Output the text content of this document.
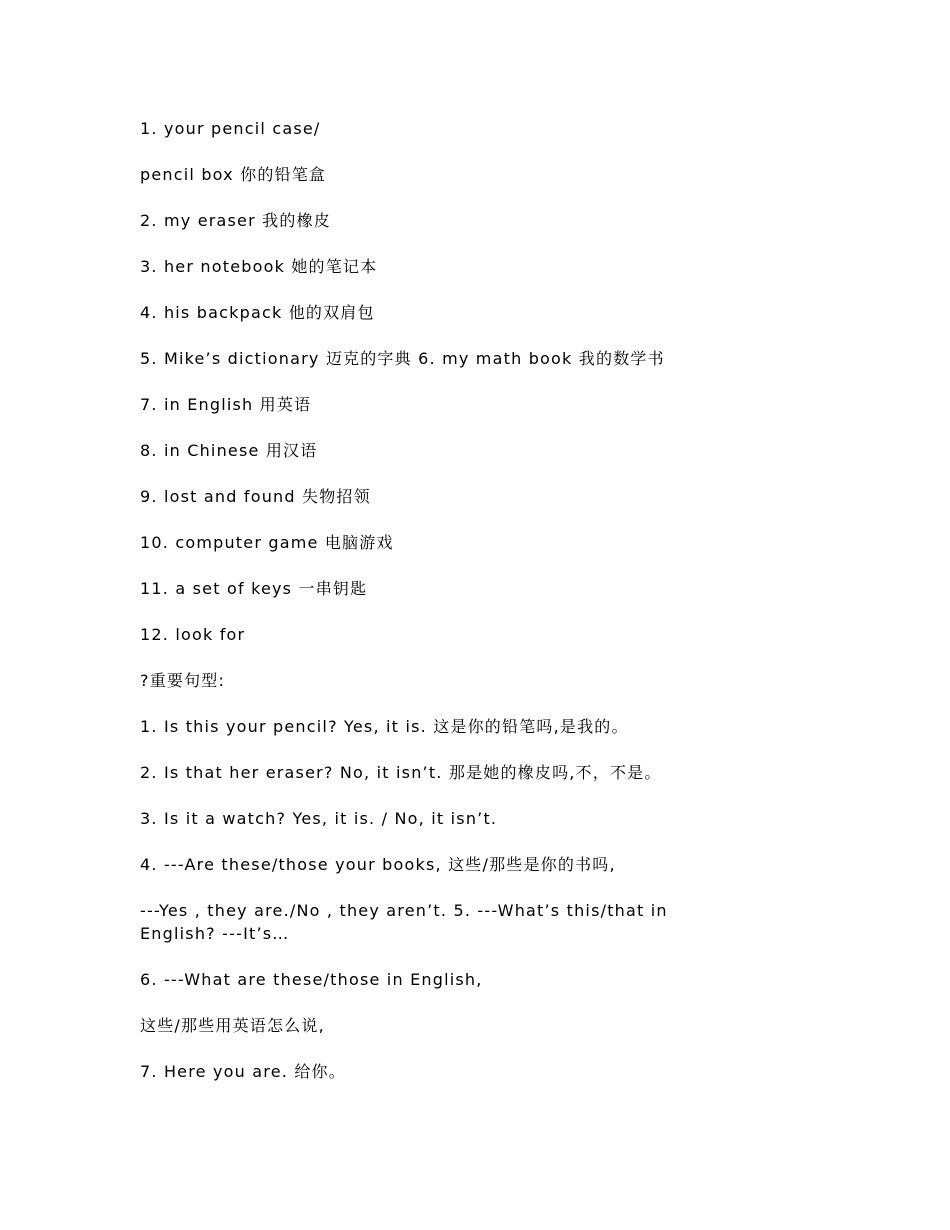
1. your pencil case/

pencil box 你的铅笔盒

2. my eraser 我的橡皮

3. her notebook 她的笔记本

4. his backpack 他的双肩包

5. Mike’s dictionary 迈克的字典 6. my math book 我的数学书

7. in English 用英语

8. in Chinese 用汉语

9. lost and found 失物招领

10. computer game 电脑游戏

11. a set of keys 一串钥匙

12. look for

?重要句型:

1. Is this your pencil? Yes, it is. 这是你的铅笔吗,是我的。

2. Is that her eraser? No, it isn’t. 那是她的橡皮吗,不，不是。

3. Is it a watch? Yes, it is. / No, it isn’t.

4. ---Are these/those your books, 这些/那些是你的书吗,

---Yes , they are./No , they aren’t. 5. ---What’s this/that in English? ---It’s…

6. ---What are these/those in English,

这些/那些用英语怎么说,

7. Here you are. 给你。
